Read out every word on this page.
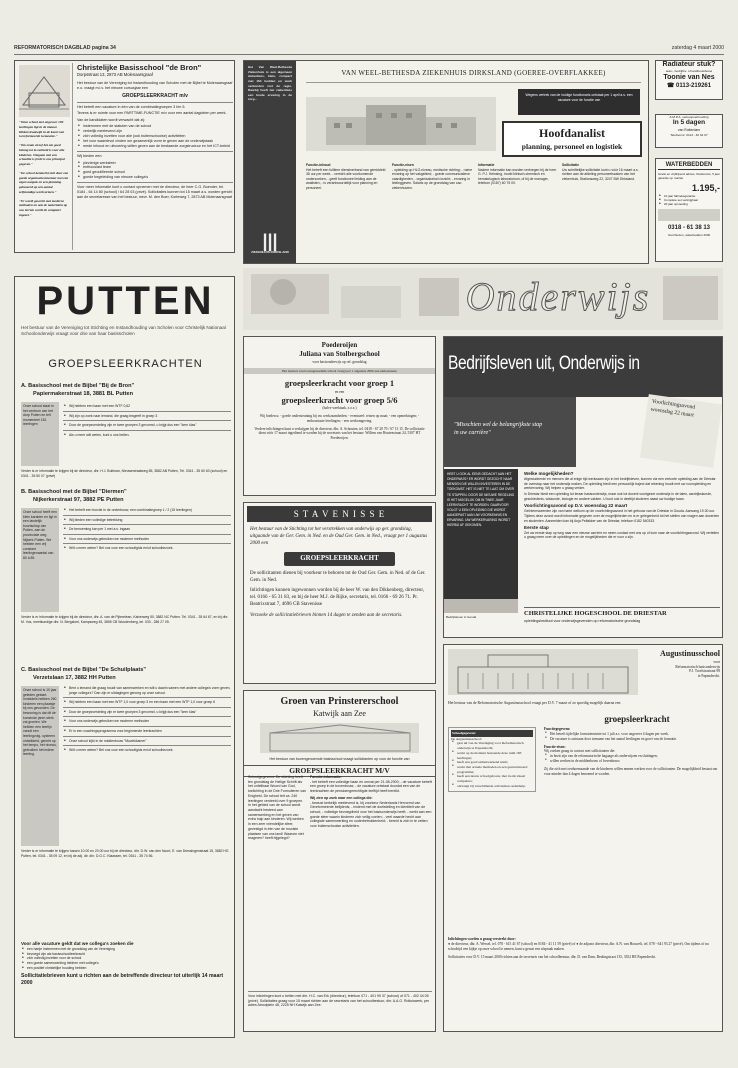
REFORMATORISCH DAGBLAD pagina 34	zaterdag 4 maart 2000
"Onze school met ongeveer 190 leerlingen ligt in de nieuwe Kikkerstraatwijk in de kuort van Gereformeerde Gemeente."
"Ons team streef het om goed belang tot in eenheid is voor alle kinderen. Omgaan met een schooltie is fecht is ons principal gegeven."
"De school kenmerkt zich door een goede organisatiestructuur met een eigen aanpak en een planning gebaseerd op een aantal zelfstandige werkvormen."
"Er wordt gewerkt met moderne methoden en ook de materialen op ons terrein wordt de computer ingezet."
Christelijke Basisschool "de Bron"
Dorpsstraat 13, 2873 AB Molenaarsgraaf

Het bestuur van de Vereniging tot Instandhouding van Scholen met de Bijbel te Molenaarsgraaf e.o. vraagt m.i.v. het nieuwe cursusjaar een

GROEPSLEERKRACHT m/v

Het betreft een vacature in één van de combinatiegroepen 3 t/m 5.

Tevens is er ruimte voor een PARTTIME-FUNCTIE m/v voor een aantal dagdelen per week.

Van de kandidaten wordt verwacht dat zij:

• instemmen met de statuten van de school
• verkelijk meelevend zijn
• zich volledig inzetten voor alle (ook buitenschoolse) activiteiten
• het voor waardevol vinden om gezamenlijk vorm te geven aan de onderwijstaak
• mede inhoud en uitvoering willen geven aan de bestaande zorgstructuur en het ICT-beleid

Wij bieden een:

• plezierige werksfeer
• enthousiast team
• goed geoutilleerde school
• goede begeleiding van nieuwe collega's

Voor meer informatie kunt u contact opnemen met de directeur, de heer C.G. Boender, tel. 0184 - 64 14 80 (school) / 64 28 03 (privé). Sollicitaties kunnen tot 15 maart a.s. worden gericht aan de secretaresse van het bestuur, mevr. M. den Boer, Korteweg 7, 2873 AB Molenaarsgraaf

Het Van Weel-Bethesda Ziekenhuis is een algemeen ziekenhuis, klein, compact met 164 bedden en sterk verbonden met de regio. Daarbij heeft het ziekenhuis een brede ervaring in de zorg...
|||
ZIEKENHUIS DIRKSLAND
VAN WEEL-BETHESDA ZIEKENHUIS DIRKSLAND (GOEREE-OVERFLAKKEE)
Wegens vertrek van de huidige functionaris ontstaat per 1 april a.s. een vacature voor de functie van
Hoofdanalist
planning, personeel en logistiek
Functie-inhoud
Het betreft een fulltime dienstverband van gemiddeld 36 uur per week. - verricht alle voorkomende onderzoeken; - geeft functioneel leiding aan de analisten; - is verantwoordelijk voor planning en personeel.
Functie-eisen
- opleiding op HLO-niveau, medische richting; - ruime ervaring op het vakgebied; - goede communicatieve vaardigheden; - organisatorisch inzicht; - ervaring in leidinggeven. Salaris op de grondslag van cao ziekenhuizen.
Informatie
Nadere informatie kan worden verkregen bij de heer G. P.J. Heinsing, hoofd klinisch-chemisch en hematologisch laboratorium, of bij de manager, telefoon (0187) 60 75 00.
Sollicitatie
Uw schriftelijke sollicitatie kunt u vóór 16 maart a.s. richten aan de afdeling personeelszaken van het ziekenhuis, Stationsweg 22, 3247 BW Dirksland.
Radiateur stuk?
auto-, bedrijfsv- of landbouwbouw
Toonie van Nes
☎ 0113-219261
A.M.P.A. verkoopverhouding
In 5 dagen
van Rotterdam
Telefoonnr. 0113 - 40 91 07
WATERBEDDEN
Gratis en vrijblijvend advies, thuiskomst, 5 jaar garantie op matras
1.195,-
• 10 jaar fabrieksgarantie
• Complete set verkrijgbaar
• 20 jaar opvoeding
0318 - 61 38 13
Voorthuizen, waterbedden 2000
Onderwijs
PUTTEN
Het bestuur van de Vereniging tot Stichting en Instandhouding van Scholen voor Christelijk Nationaal Schoolonderwijs vraagt voor drie van haar basisscholen
GROEPSLEERKRACHTEN
A. Basisschool met de Bijbel "Bij de Bron"
Papiermakerstraat 18, 3881 BL Putten
Onze school staat in het centrum van het dorp Putten en telt momenteel 181 leerlingen
• Wij hebben een baan met een WTF 0,62
• Wij zijn op zoek naar iemand, die graag lesgeeft in groep 3
• Door de groepsverdeling zijn er twee groepen 3 gevormd, u krijgt dus een "kern klas"
• Als u meer wilt weten, kunt u ons bellen.
Verder is er informatie te krijgen bij de directeur, dhr. H.J. Bultman, Nieuwestraatweg 85, 3882 AB Putten, Tel. 0341 - 35 60 60 (school) en 0341 - 35 50 07 (privé)
B. Basisschool met de Bijbel "Diermen"
Nijkerkerstraat 97, 3882 PE Putten
Onze school heeft een klein karakter en ligt in een landelijk buurtschap van Putten, aan de provinciale weg Nijkerk-Putten. We hebben een vrij constant leerlingenaantal van 80 à 85.
• Het betreft een functie in de onderbouw, een combinatiegroep 1 / 2 (15 leerlingen)
• Wij bieden een volledige betrekking
• De benoeming kan per 1 mei a.s. ingaan
• Voor ons onderwijs gebruiken we moderne methoden
• Wilt u meer weten? Bel ons voor een schooltgids en/of schoolbezoek.
Verder is er informatie te krijgen bij de directeur, dhr. A. van de Pijterelean, Kalverweg 50, 3882 NC Putten. Tel. 0341 - 35 64 67, en bij dhr. M. Vos, meetkundige dhr. N. Bergstoel, Kampsweg 45, 3855 CB Woudenberg, tel. 033 - 286 27 05.
C. Basisschool met de Bijbel "De Schuilplaats"
Verzetslaan 17, 3882 HH Putten
Onze school is 10 jaar geleden gestart. Inmiddels hebben 260 kinderen een plaatsje bij ons gevonden. De bewoning is dat dit de komende jaren sterk zal groeien. We hebben een leerlijn vanuit een leerlingvolg- systeem ontwikkeld, gericht op het tempo, het niveau, gebruiken het iedere leerling.
• Bent u iemand die graag houdt van samenwerken en wilt u daarin samen met andere collega's vorm geven, jonge collega's? Dan zijn er uitdagingen genoeg op onze school.
• Wij hebben een baan met een WTF 1,0 voor groep 3 en een baan met een WTF 1,0 voor groep 6
• Door de groepsverdeling zijn er twee groepen 3 gevormd, u krijgt dus een "kern klas"
• Voor ons onderwijs gebruiken we moderne methoden
• Er is een coachingsprogramma voor beginnende leerkrachten
• Onze school kijkt in de middenbouw "Muziekkamer"
• Wilt u meer weten? Bel ons voor een schooltgids en/of schoolbezoek.
Verder is er informatie te krijgen tussen 10.00 en 20.00 uur bij de directeur, dhr. D.W. van den Noort, E. van Dressingenstraat 15, 3882 HG Putten, tel. 0341 - 35 09 12, en bij de adj. dir. dhr. D.G.C. Klaassen, tel. 0341 - 35 74 56.
Voor alle vacature geldt dat we collega's zoeken die
• een hartje instemmen met de grondslag van de Vereniging
• bevoegd zijn als basisschoolleerkracht
• zich volledig inzetten voor de school
• een goede samenwerking hebben met collega's
• een positief christelijke houding hebben
Sollicitatiebrieven kunt u richten aan de betreffende directeur tot uiterlijk 14 maart 2000
Poederoijen
Juliana van Stolbergschool
voor basisonderwijs op ref. grondslag
Het bestuur van bovengenoemde school vraagt per 1 augustus 2000 een enthousiaste
groepsleerkracht voor groep 1
en een
groepsleerkracht voor groep 5/6
(halve weektaak, z.o.z.)
Wij bieden u: - goede ondersteuning bij uw werkzaamheden; - eventueel: reizen op maat; - een opmerkingen; - enthousiaste leerlingen; - een werkomgeving.
Verdere inlichtingen kunt u verkrijgen bij de directeur, dhr. A. Schouten, tel. 0418 - 67 20 70 / 67 13 15. De sollicitatie dient vóór 17 maart ingediend te worden bij de secretaris van het bestuur: Willem van Houtenstraat 24, 5307 HT Poederoijen.
S T A V E N I S S E
Het bestuur van de Stichting tot het verstrekken van onderwijs op ger. grondslag, uitgaande van de Ger. Gem. in Ned. en de Oud Ger. Gem. in Ned., vraagt per 1 augustus 2000 een
GROEPSLEERKRACHT
De sollicitanten dienen bij voorkeur te behoren tot de Oud Ger. Gem. in Ned. of de Ger. Gem. in Ned.
Inlichtingen kunnen ingewonnen worden bij de heer W. van den Dikkenberg, directeur, tel. 0166 - 65 31 83, en bij de heer M.J. de Rijke, secretaris, tel. 0166 - 69 26 71. Pr. Beatrixstraat 7, 4696 CB Stavenisse
Verzoeke de sollicitatiebrieven binnen 14 dagen te zenden aan de secretaris.
Groen van Prinstererschool
Katwijk aan Zee
Het bestuur van bovengenoemde basisschool vraagt sollicitanten op voor de functie van
GROEPSLEERKRACHT M/V
Schoolgegevens: De stichting heeft ten grondslag de Heilige Schrift als het onfeilbaar Woord van God, toelichting in de Drie Formulieren van Enigheid. De school telt ca. 240 leerlingen verdeeld over 9 groepen. In het gebied van de school wordt aandacht besteed aan samenwerking en het geven van extra hulp aan kinderen. Wij werken in een zeer vriendelijke sfeer, gevestigd in één van de mooiste plaatsen van ons land! Waarom niet reageren? heeft bijgelegd?
Functie-informatie:
- het betreft een volledige baan en omvat per 21-08-2000; - de vacature betreft een groep in de bovenbouw; - de vacature ontstaat doordat een van de leerkrachten de pensioengerechtigde leeftijd heeft bereikt.
Wij zien op zoek naar een collega die:
- bewust kerkelijk meelevend is, bij voorkeur Nederlands Hervormd van Gereformeerde belijdenis; - instemt met de doelstelling en identiteit van de school; - volledige bevoegdheid voor het basisonderwijs heeft; - werkt aan een goede sfeer waarin kinderen zich veilig voelen; - veel waarde hecht aan collegiale samenwerking en ouderbetrokkenheid; - bereid is zich in te zetten voor buitenschoolse activiteiten.
Voor inlichtingen kunt u bellen met dhr. H.C. van Erk (directeur), telefoon 071 - 401 99 37 (school) of 071 - 402 44 05 (privé). Sollicitaties graag voor 15 maart richten aan de secretaris van het schoolbestuur, dhr. A.A.G. Roltuiswerk, per adres Atnodplein 48, 2225 NH Katwijk aan Zee.
Bedrijfsleven uit, Onderwijs in
"Misschien wel de belangrijkste stap in uw carrière"
Voorlichtingsavond woensdag 22 maart
HEBT U OOK AL EENS GEDACHT AAN HET ONDERWIJS? ER WORDT GEZOCHT NAAR MENSEN DIE WILLEN INVESTEREN IN DE TOEKOMST. HET IS NIET TE LAAT OM OVER TE STAPPEN. DOOR DE NIEUWE REGELING IS HET MOGELIJK OM IN TWEE JAAR LEERKRACHT TE WORDEN. DAARVOOR VOLGT U EEN OPLEIDING DIE WORDT AANGEPAST AAN UW VOORKENNIS EN ERVARING. UW WERKERVARING WORDT HIERBIJ AF GEKOMEN.
Bedrijfsleven in Gouda
Welke mogelijkheden?

Afgestudeerde en mensen die al enige tijd werkzaam zijn in het bedrijfsleven, kunnen via een verkorte opleiding aan de Driestar de overstap naar het onderwijs maken. De opleiding biedt een persoonlijk traject dat rekening houdt met uw vooropleiding en werkervaring. Wij helpen u graag verder.

In Driestar biedt een opleiding tot leraar basisonderwijs, maar ook tot docent voortgezet onderwijs in de talen, aardrijkskunde, geschiedenis, wiskunde, biologie en andere vakken. U kunt ook in deeltijd studeren naast uw huidige baan.

Voorlichtingsavond op D.V. woensdag 22 maart

Geïnteresseerden zijn van harte welkom op de voorlichtingsavond in het gebouw van de Driestar in Gouda. Aanvang 19.30 uur. Tijdens deze avond wordt informatie gegeven over de mogelijkheden en is er gelegenheid tot het stellen van vragen aan docenten en studenten. Aanmelden kan bij Anja Pellakker van de Driestar, telefoon 0182 540333.

Eerste stap

Zet uw eerste stap op weg naar een nieuwe carrière en neem contact met ons op of kom naar de voorlichtingsavond. Wij vertellen u graag meer over de opleidingen en de mogelijkheden die er voor u zijn.

CHRISTELIJKE HOGESCHOOL DE DRIESTAR
opleidingsinstituut voor onderwijsgevenden op reformatorische grondslag
Augustinusschool
voor
Reformatorisch basisonderwijs
P.J. Troelstrastraat 98
te Papendrecht.
Het bestuur van de Reformatorische Augustinusschool vraagt per D.V. 7 maart of zo spoedig mogelijk daarna een
groepsleerkracht
Schoolgegevens:
De Augustinusschool:
• gaat uit van de Vereniging voor Reformatorisch onderwijs te Papendrecht;
• werkt op de moment bestaande deze ruim 183 leerlingen;
• heeft een goed samenwerkend team;
• werkt met actuele methoden en een gestructureerd programma;
• heeft een nieuw schoolgebouw, met in elk lokaal computers;
• ontvangt bij verschillende activiteiten ouderhulp.
Functiegegevens:
• Het betreft tijdelijke formatieruimte tot 1 juli a.s. voor ongeveer 4 dagen per week.
• De vacature is ontstaan door toename van het aantal leerlingen en groei van de formatie.
Functie-eisen:
Wij zoeken graag in contact met sollicitanten die:
• in bezit zijn van de reformatorische bagaage als onderwijzen en sluitingen;
• willen werken in de middenbouw of bovenbouw.
Zij die zich met oenhoemaande van de kinderen willen nemen werken voor de sollicitanten. De mogelijkheid bestaat om voor minder dan 4 dagen benoemd te worden.
Inlichtingen worden u graag verstrekt door:
● de directeur, dhr. A. Wessel, tel. 078 - 615 41 67 (school) en 0184 - 41 11 59 (privé) of ● de adjunct directeur, dhr. A.N. van Houwelt, tel. 078 - 641 93 27 (privé). Om tijdens of na schooltijd een kijkje op onze school te nemen, kunt u gerust een afspraak maken.
Sollicitaties voor D.V. 15 maart 2000 richten aan de secretaris van het schoolbestuur, dhr. D. van Dam, Beulingstraat 135, 3352 BE Papendrecht.
